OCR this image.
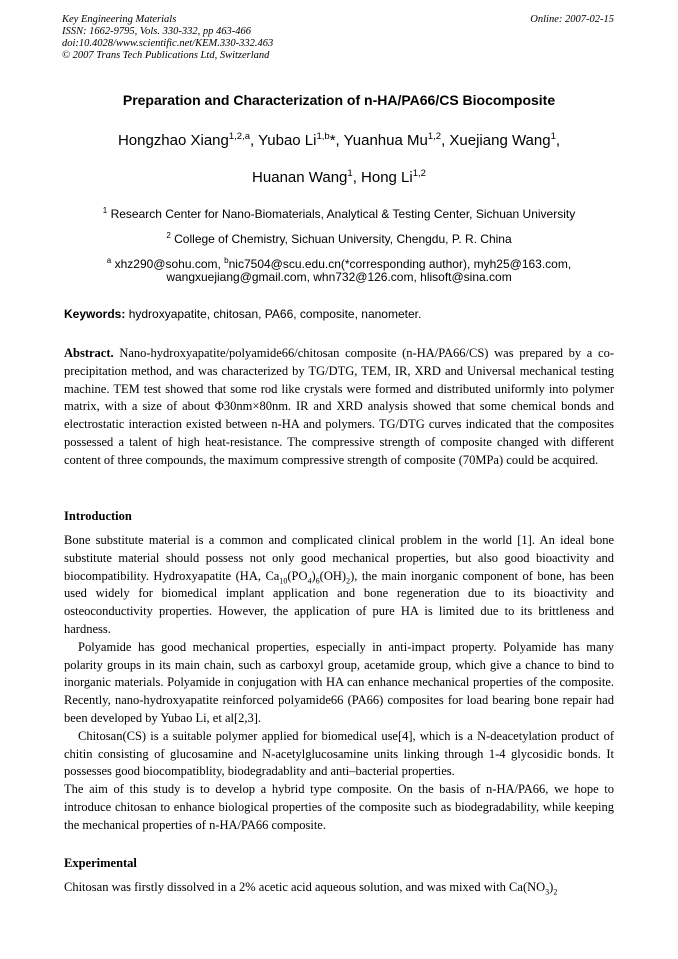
Key Engineering Materials
ISSN: 1662-9795, Vols. 330-332, pp 463-466
doi:10.4028/www.scientific.net/KEM.330-332.463
© 2007 Trans Tech Publications Ltd, Switzerland
Online: 2007-02-15
Preparation and Characterization of n-HA/PA66/CS Biocomposite
Hongzhao Xiang$^{1,2,a}$, Yubao Li$^{1,b}$*, Yuanhua Mu$^{1,2}$, Xuejiang Wang$^1$,
Huanan Wang$^1$, Hong Li$^{1,2}$
$^1$ Research Center for Nano-Biomaterials, Analytical & Testing Center, Sichuan University
$^2$ College of Chemistry, Sichuan University, Chengdu, P. R. China
$^a$ xhz290@sohu.com, $^b$nic7504@scu.edu.cn(*corresponding author), myh25@163.com,
wangxuejiang@gmail.com, whn732@126.com, hlisoft@sina.com
Keywords: hydroxyapatite, chitosan, PA66, composite, nanometer.

Abstract. Nano-hydroxyapatite/polyamide66/chitosan composite (n-HA/PA66/CS) was prepared by a co-precipitation method, and was characterized by TG/DTG, TEM, IR, XRD and Universal mechanical testing machine. TEM test showed that some rod like crystals were formed and distributed uniformly into polymer matrix, with a size of about Φ30nm×80nm. IR and XRD analysis showed that some chemical bonds and electrostatic interaction existed between n-HA and polymers. TG/DTG curves indicated that the composites possessed a talent of high heat-resistance. The compressive strength of composite changed with different content of three compounds, the maximum compressive strength of composite (70MPa) could be acquired.

Introduction

Bone substitute material is a common and complicated clinical problem in the world [1]. An ideal bone substitute material should possess not only good mechanical properties, but also good bioactivity and biocompatibility. Hydroxyapatite (HA, $Ca_{10}(PO_4)_6(OH)_2$), the main inorganic component of bone, has been used widely for biomedical implant application and bone regeneration due to its bioactivity and osteoconductivity properties. However, the application of pure HA is limited due to its brittleness and hardness.

Polyamide has good mechanical properties, especially in anti-impact property. Polyamide has many polarity groups in its main chain, such as carboxyl group, acetamide group, which give a chance to bind to inorganic materials. Polyamide in conjugation with HA can enhance mechanical properties of the composite. Recently, nano-hydroxyapatite reinforced polyamide66 (PA66) composites for load bearing bone repair had been developed by Yubao Li, et al[2,3].

Chitosan(CS) is a suitable polymer applied for biomedical use[4], which is a N-deacetylation product of chitin consisting of glucosamine and N-acetylglucosamine units linking through 1-4 glycosidic bonds. It possesses good biocompatiblity, biodegradablity and anti–bacterial properties.

The aim of this study is to develop a hybrid type composite. On the basis of n-HA/PA66, we hope to introduce chitosan to enhance biological properties of the composite such as biodegradability, while keeping the mechanical properties of n-HA/PA66 composite.

Experimental

Chitosan was firstly dissolved in a 2% acetic acid aqueous solution, and was mixed with $Ca(NO_3)_2$
